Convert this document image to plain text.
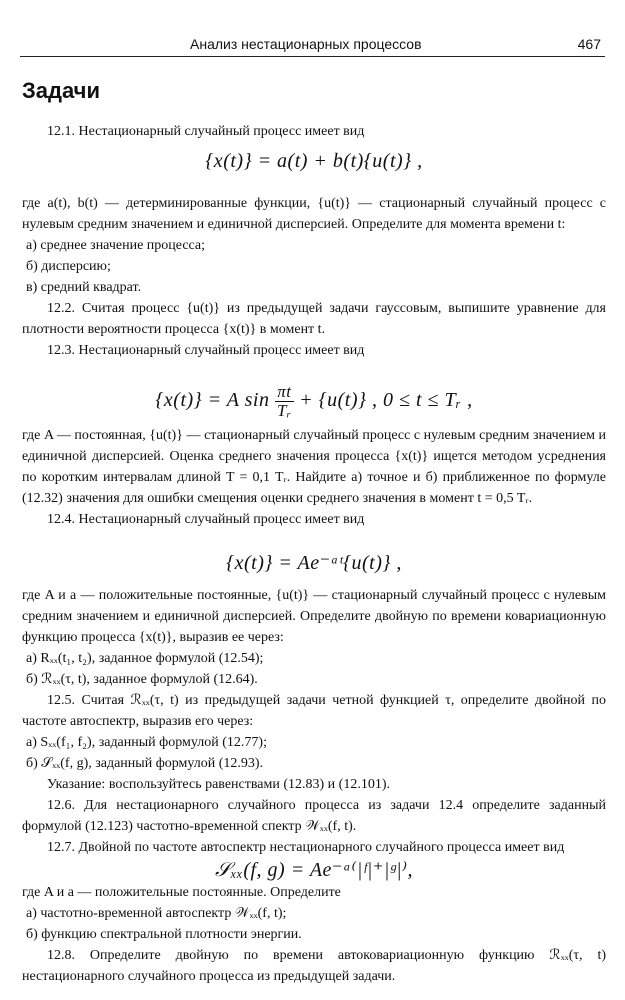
Анализ нестационарных процессов	467
Задачи

12.1. Нестационарный случайный процесс имеет вид

{x(t)} = a(t) + b(t){u(t)} ,

где a(t), b(t) — детерминированные функции, {u(t)} — стационарный случайный процесс с нулевым средним значением и единичной дисперсией. Определите для момента времени t:

а) среднее значение процесса;

б) дисперсию;

в) средний квадрат.

12.2. Считая процесс {u(t)} из предыдущей задачи гауссовым, выпишите уравнение для плотности вероятности процесса {x(t)} в момент t.

12.3. Нестационарный случайный процесс имеет вид

{x(t)} = A $\sin \frac{\pi t}{\text{Tᵣ}} + \{u(t)\}$ , 0 ≤ t ≤ Tᵣ ,

где A — постоянная, {u(t)} — стационарный случайный процесс с нулевым средним значением и единичной дисперсией. Оценка среднего значения процесса {x(t)} ищется методом усреднения по коротким интервалам длиной T = 0,1 Tᵣ. Найдите а) точное и б) приближенное по формуле (12.32) значения для ошибки смещения оценки среднего значения в момент t = 0,5 Tᵣ.

12.4. Нестационарный случайный процесс имеет вид

{x(t)} = Ae⁻ᵃᵗ{u(t)} ,

где A и a — положительные постоянные, {u(t)} — стационарный случайный процесс с нулевым средним значением и единичной дисперсией. Определите двойную по времени ковариационную функцию процесса {x(t)}, выразив ее через:

а) Rₓₓ(t₁, t₂), заданное формулой (12.54);

б) ℛₓₓ(τ, t), заданное формулой (12.64).

12.5. Считая ℛₓₓ(τ, t) из предыдущей задачи четной функцией τ, определите двойной по частоте автоспектр, выразив его через:

а) Sₓₓ(f₁, f₂), заданный формулой (12.77);

б) 𝒮ₓₓ(f, g), заданный формулой (12.93).

Указание: воспользуйтесь равенствами (12.83) и (12.101).

12.6. Для нестационарного случайного процесса из задачи 12.4 определите заданный формулой (12.123) частотно-временной спектр 𝒲ₓₓ(f, t).

12.7. Двойной по частоте автоспектр нестационарного случайного процесса имеет вид

𝒮ₓₓ(f, g) = Ae⁻ᵃ⁽|ᶠ|⁺|ᵍ|⁾,

где A и a — положительные постоянные. Определите

а) частотно-временной автоспектр 𝒲ₓₓ(f, t);

б) функцию спектральной плотности энергии.

12.8. Определите двойную по времени автоковариационную функцию ℛₓₓ(τ, t) нестационарного случайного процесса из предыдущей задачи.
